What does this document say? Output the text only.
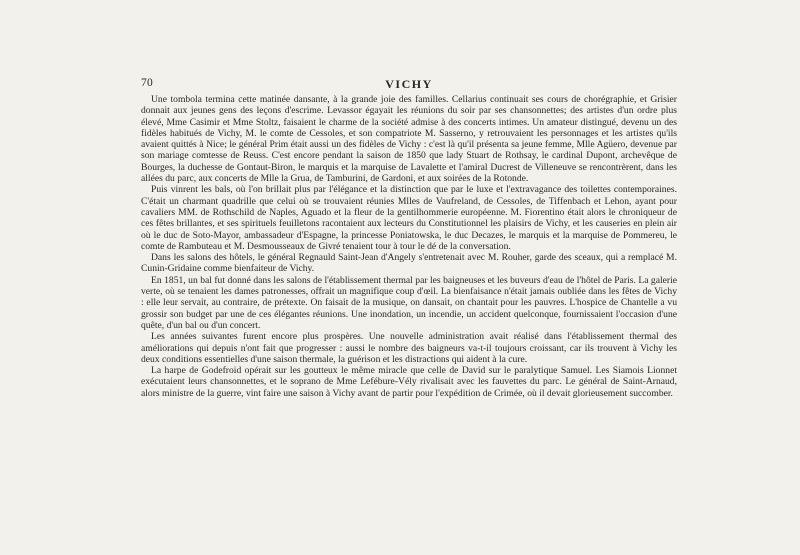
70	VICHY

Une tombola termina cette matinée dansante, à la grande joie des familles. Cellarius continuait ses cours de chorégraphie, et Grisier donnait aux jeunes gens des leçons d'escrime. Levassor égayait les réunions du soir par ses chansonnettes; des artistes d'un ordre plus élevé, Mme Casimir et Mme Stoltz, faisaient le charme de la société admise à des concerts intimes. Un amateur distingué, devenu un des fidèles habitués de Vichy, M. le comte de Cessoles, et son compatriote M. Sasserno, y retrouvaient les personnages et les artistes qu'ils avaient quittés à Nice; le général Prim était aussi un des fidèles de Vichy : c'est là qu'il présenta sa jeune femme, Mlle Agüero, devenue par son mariage comtesse de Reuss. C'est encore pendant la saison de 1850 que lady Stuart de Rothsay, le cardinal Dupont, archevêque de Bourges, la duchesse de Gontaut-Biron, le marquis et la marquise de Lavalette et l'amiral Ducrest de Villeneuve se rencontrèrent, dans les allées du parc, aux concerts de Mlle la Grua, de Tamburini, de Gardoni, et aux soirées de la Rotonde.

Puis vinrent les bals, où l'on brillait plus par l'élégance et la distinction que par le luxe et l'extravagance des toilettes contemporaines. C'était un charmant quadrille que celui où se trouvaient réunies Mlles de Vaufreland, de Cessoles, de Tiffenbach et Lehon, ayant pour cavaliers MM. de Rothschild de Naples, Aguado et la fleur de la gentilhommerie européenne. M. Fiorentino était alors le chroniqueur de ces fêtes brillantes, et ses spirituels feuilletons racontaient aux lecteurs du Constitutionnel les plaisirs de Vichy, et les causeries en plein air où le duc de Soto-Mayor, ambassadeur d'Espagne, la princesse Poniatowska, le duc Decazes, le marquis et la marquise de Pommereu, le comte de Rambuteau et M. Desmousseaux de Givré tenaient tour à tour le dé de la conversation.

Dans les salons des hôtels, le général Regnauld Saint-Jean d'Angely s'entretenait avec M. Rouher, garde des sceaux, qui a remplacé M. Cunin-Gridaine comme bienfaiteur de Vichy.

En 1851, un bal fut donné dans les salons de l'établissement thermal par les baigneuses et les buveurs d'eau de l'hôtel de Paris. La galerie verte, où se tenaient les dames patronesses, offrait un magnifique coup d'œil. La bienfaisance n'était jamais oubliée dans les fêtes de Vichy : elle leur servait, au contraire, de prétexte. On faisait de la musique, on dansait, on chantait pour les pauvres. L'hospice de Chantelle a vu grossir son budget par une de ces élégantes réunions. Une inondation, un incendie, un accident quelconque, fournissaient l'occasion d'une quête, d'un bal ou d'un concert.

Les années suivantes furent encore plus prospères. Une nouvelle administration avait réalisé dans l'établissement thermal des améliorations qui depuis n'ont fait que progresser : aussi le nombre des baigneurs va-t-il toujours croissant, car ils trouvent à Vichy les deux conditions essentielles d'une saison thermale, la guérison et les distractions qui aident à la cure.

La harpe de Godefroid opérait sur les goutteux le même miracle que celle de David sur le paralytique Samuel. Les Siamois Lionnet exécutaient leurs chansonnettes, et le soprano de Mme Lefébure-Vély rivalisait avec les fauvettes du parc. Le général de Saint-Arnaud, alors ministre de la guerre, vint faire une saison à Vichy avant de partir pour l'expédition de Crimée, où il devait glorieusement succomber.
